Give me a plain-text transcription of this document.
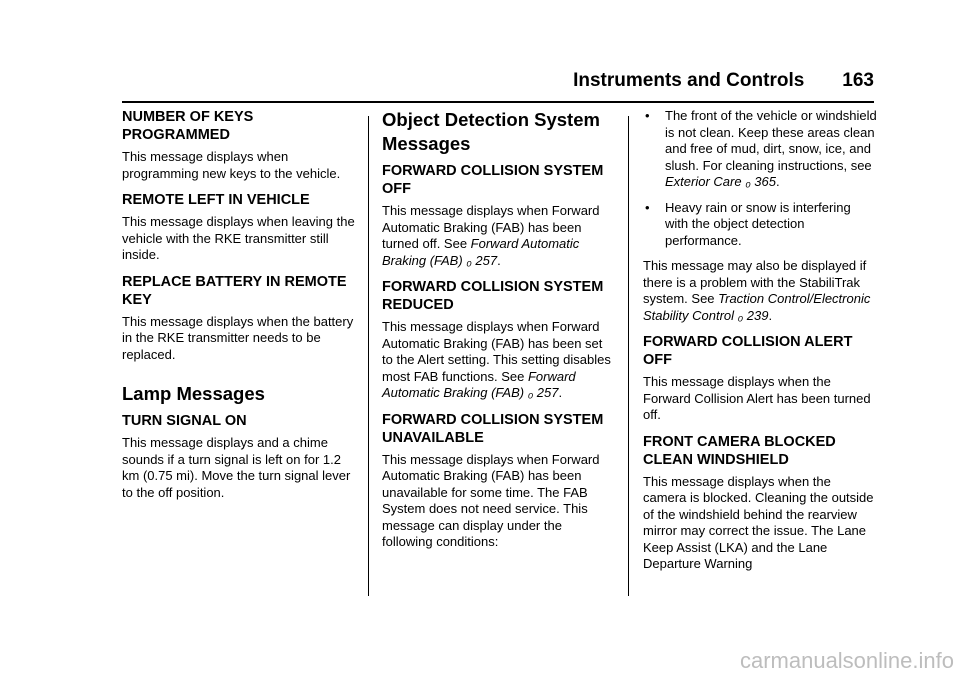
Instruments and Controls 163
NUMBER OF KEYS PROGRAMMED
This message displays when programming new keys to the vehicle.
REMOTE LEFT IN VEHICLE
This message displays when leaving the vehicle with the RKE transmitter still inside.
REPLACE BATTERY IN REMOTE KEY
This message displays when the battery in the RKE transmitter needs to be replaced.
Lamp Messages
TURN SIGNAL ON
This message displays and a chime sounds if a turn signal is left on for 1.2 km (0.75 mi). Move the turn signal lever to the off position.
Object Detection System Messages
FORWARD COLLISION SYSTEM OFF
This message displays when Forward Automatic Braking (FAB) has been turned off. See Forward Automatic Braking (FAB) ₀ 257.
FORWARD COLLISION SYSTEM REDUCED
This message displays when Forward Automatic Braking (FAB) has been set to the Alert setting. This setting disables most FAB functions. See Forward Automatic Braking (FAB) ₀ 257.
FORWARD COLLISION SYSTEM UNAVAILABLE
This message displays when Forward Automatic Braking (FAB) has been unavailable for some time. The FAB System does not need service. This message can display under the following conditions:
• The front of the vehicle or windshield is not clean. Keep these areas clean and free of mud, dirt, snow, ice, and slush. For cleaning instructions, see Exterior Care ₀ 365.
• Heavy rain or snow is interfering with the object detection performance.
This message may also be displayed if there is a problem with the StabiliTrak system. See Traction Control/Electronic Stability Control ₀ 239.
FORWARD COLLISION ALERT OFF
This message displays when the Forward Collision Alert has been turned off.
FRONT CAMERA BLOCKED CLEAN WINDSHIELD
This message displays when the camera is blocked. Cleaning the outside of the windshield behind the rearview mirror may correct the issue. The Lane Keep Assist (LKA) and the Lane Departure Warning
carmanualsonline.info
